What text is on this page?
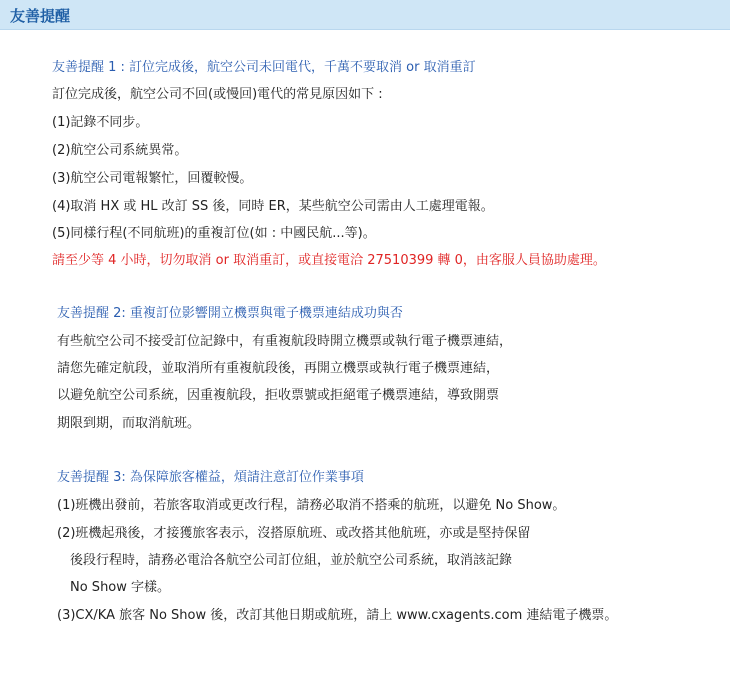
友善提醒
友善提醒 1 : 訂位完成後，航空公司未回電代，千萬不要取消 or 取消重訂
訂位完成後，航空公司不回(或慢回)電代的常見原因如下 :
(1)記錄不同步。
(2)航空公司系統異常。
(3)航空公司電報繁忙，回覆較慢。
(4)取消 HX 或 HL 改訂 SS 後，同時 ER，某些航空公司需由人工處理電報。
(5)同樣行程(不同航班)的重複訂位(如 : 中國民航...等)。
請至少等 4 小時，切勿取消 or 取消重訂，或直接電洽 27510399 轉 0，由客服人員協助處理。
友善提醒 2: 重複訂位影響開立機票與電子機票連結成功與否
有些航空公司不接受訂位記錄中，有重複航段時開立機票或執行電子機票連結，
請您先確定航段，並取消所有重複航段後，再開立機票或執行電子機票連結，
以避免航空公司系統，因重複航段，拒收票號或拒絕電子機票連結，導致開票
期限到期，而取消航班。
友善提醒 3: 為保障旅客權益，煩請注意訂位作業事項
(1)班機出發前，若旅客取消或更改行程，請務必取消不搭乘的航班，以避免 No Show。
(2)班機起飛後，才接獲旅客表示，沒搭原航班、或改搭其他航班，亦或是堅持保留
後段行程時，請務必電洽各航空公司訂位組，並於航空公司系統，取消該記錄
No Show 字樣。
(3)CX/KA 旅客 No Show 後，改訂其他日期或航班，請上 www.cxagents.com 連結電子機票。
